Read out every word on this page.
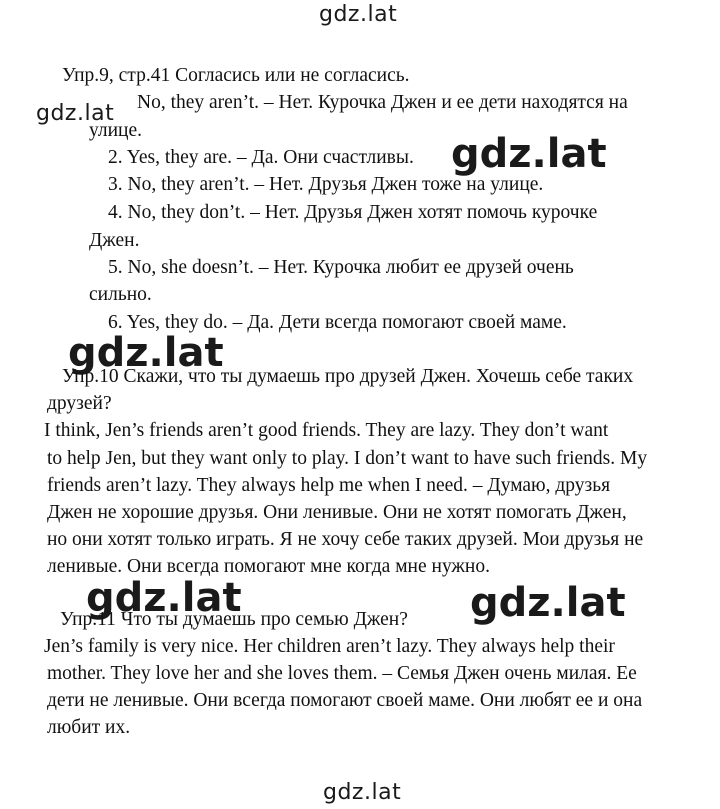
gdz.lat
gdz.lat
gdz.lat
gdz.lat
gdz.lat	gdz.lat
gdz.lat
Упр.9, стр.41 Согласись или не согласись.
No, they aren’t. – Нет. Курочка Джен и ее дети находятся на
улице.
2. Yes, they are. – Да. Они счастливы.
3. No, they aren’t. – Нет. Друзья Джен тоже на улице.
4. No, they don’t. – Нет. Друзья Джен хотят помочь курочке
Джен.
5. No, she doesn’t. – Нет. Курочка любит ее друзей очень
сильно.
6. Yes, they do. – Да. Дети всегда помогают своей маме.
Упр.10 Скажи, что ты думаешь про друзей Джен. Хочешь себе таких
друзей?
I think, Jen’s friends aren’t good friends. They are lazy. They don’t want
to help Jen, but they want only to play. I don’t want to have such friends. My
friends aren’t lazy. They always help me when I need. – Думаю, друзья
Джен не хорошие друзья. Они ленивые. Они не хотят помогать Джен,
но они хотят только играть. Я не хочу себе таких друзей. Мои друзья не
ленивые. Они всегда помогают мне когда мне нужно.
Упр.11 Что ты думаешь про семью Джен?
Jen’s family is very nice. Her children aren’t lazy. They always help their
mother. They love her and she loves them. – Семья Джен очень милая. Ее
дети не ленивые. Они всегда помогают своей маме. Они любят ее и она
любит их.
